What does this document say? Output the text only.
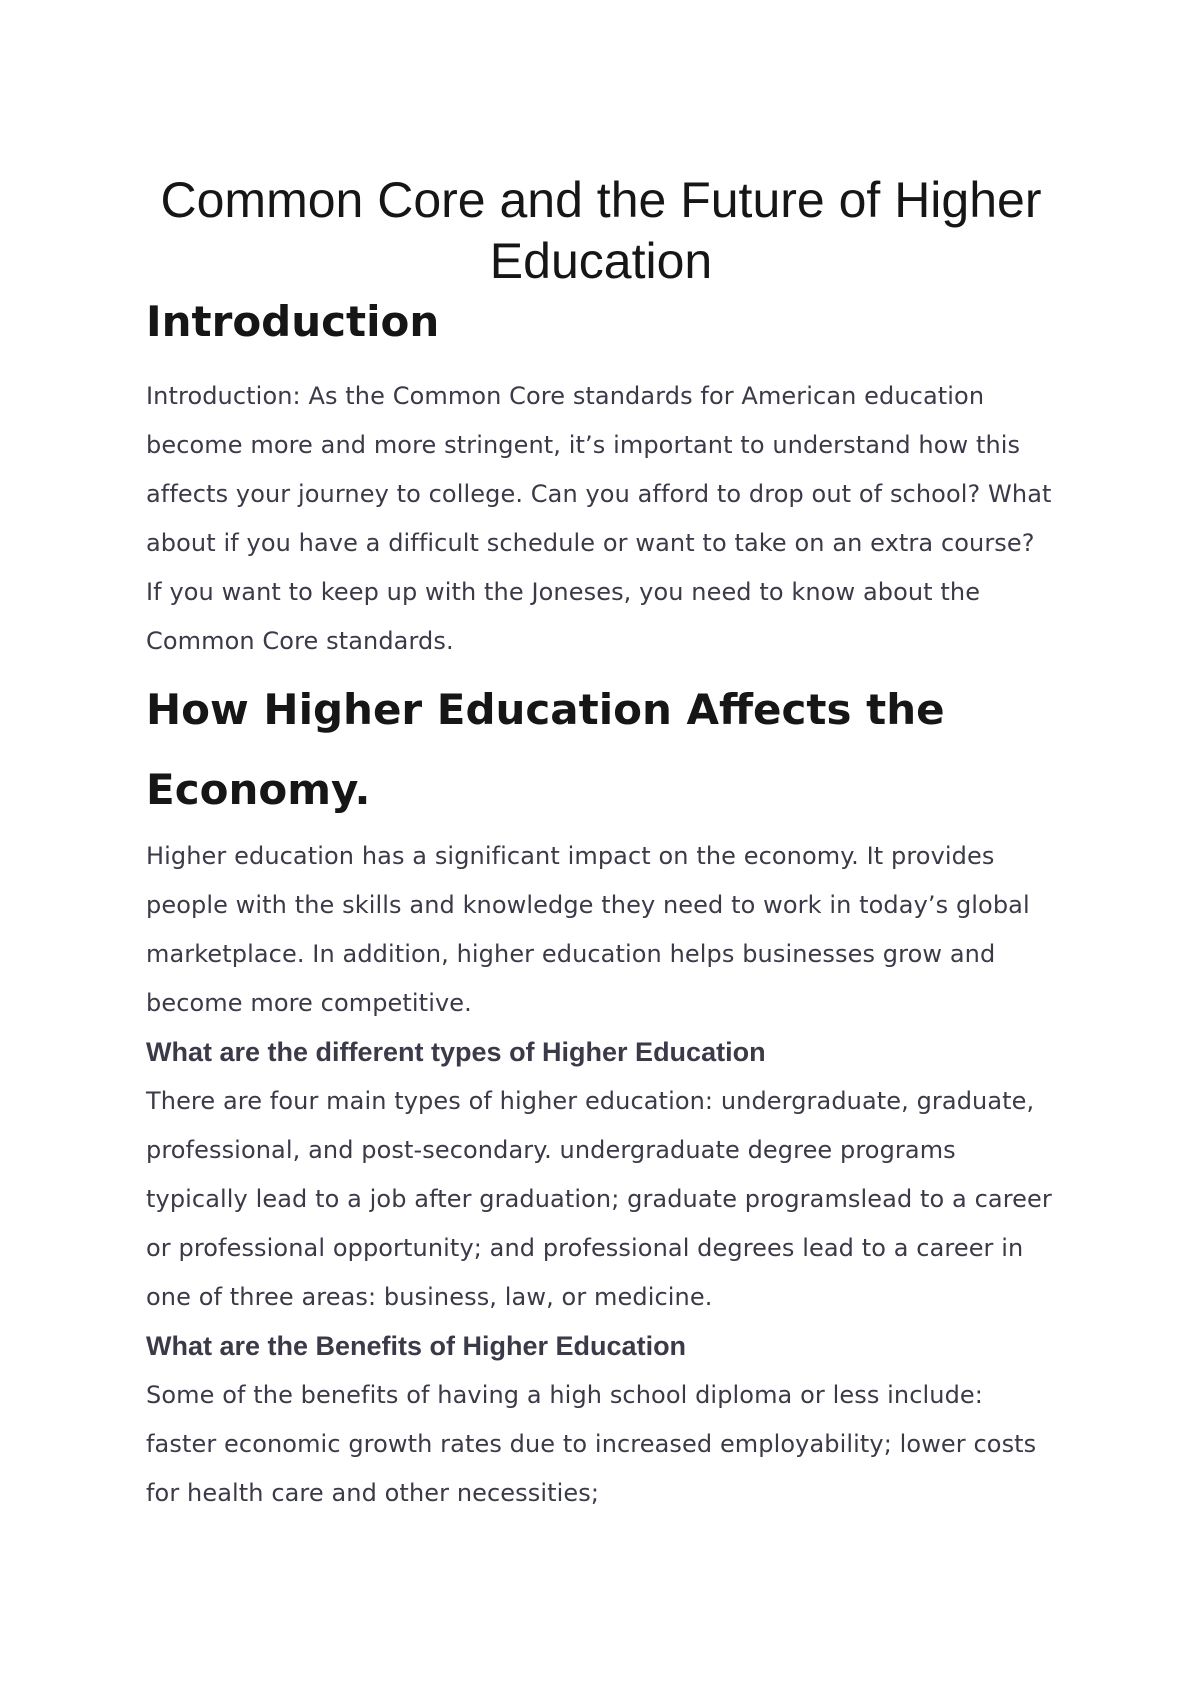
Common Core and the Future of Higher Education
Introduction

Introduction: As the Common Core standards for American education become more and more stringent, it’s important to understand how this affects your journey to college. Can you afford to drop out of school? What about if you have a difficult schedule or want to take on an extra course? If you want to keep up with the Joneses, you need to know about the Common Core standards.

How Higher Education Affects the Economy.

Higher education has a significant impact on the economy. It provides people with the skills and knowledge they need to work in today’s global marketplace. In addition, higher education helps businesses grow and become more competitive.

What are the different types of Higher Education

There are four main types of higher education: undergraduate, graduate, professional, and post-secondary. undergraduate degree programs typically lead to a job after graduation; graduate programslead to a career or professional opportunity; and professional degrees lead to a career in one of three areas: business, law, or medicine.

What are the Benefits of Higher Education

Some of the benefits of having a high school diploma or less include: faster economic growth rates due to increased employability; lower costs for health care and other necessities;
